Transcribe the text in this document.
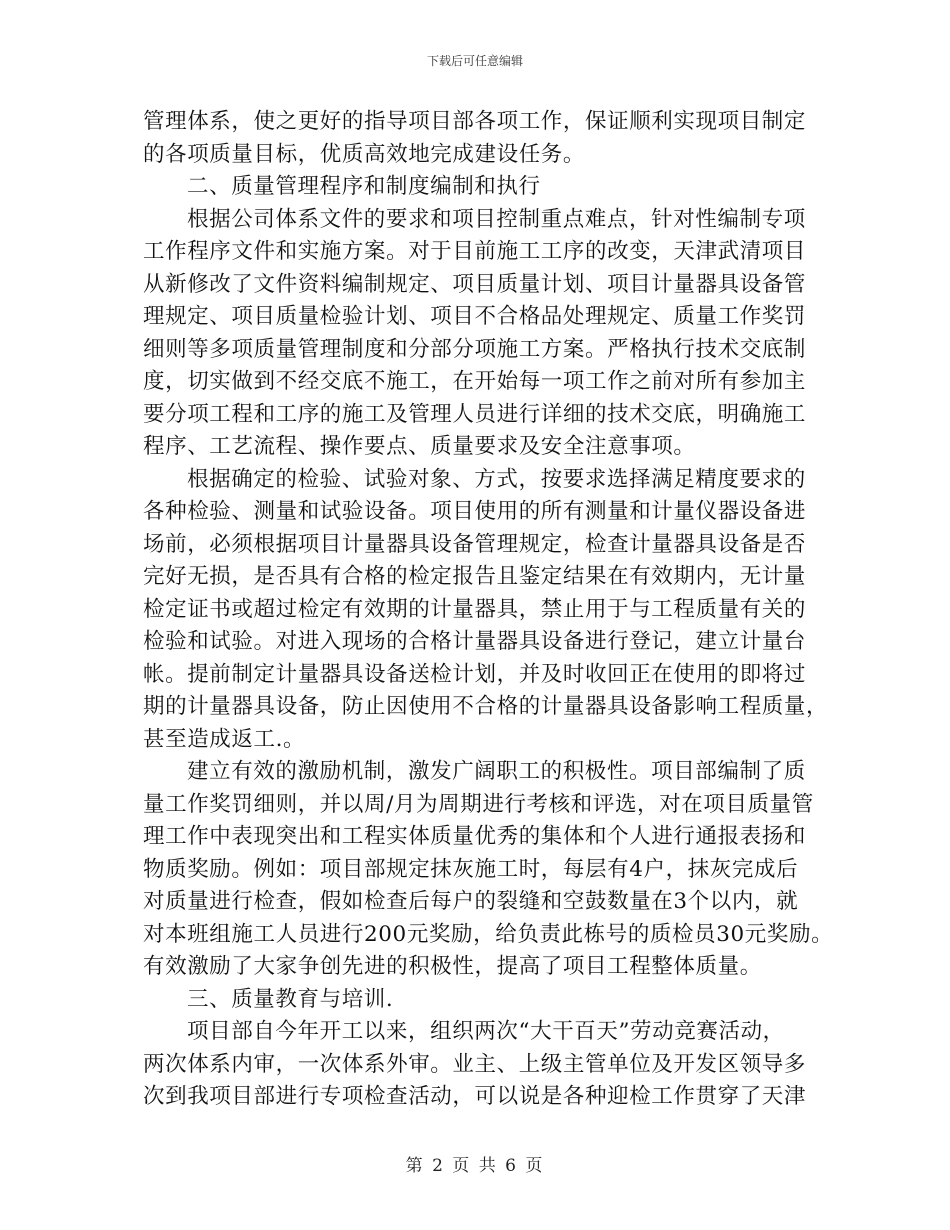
下载后可任意编辑
管理体系，使之更好的指导项目部各项工作，保证顺利实现项目制定
的各项质量目标，优质高效地完成建设任务。
二、质量管理程序和制度编制和执行
根据公司体系文件的要求和项目控制重点难点，针对性编制专项
工作程序文件和实施方案。对于目前施工工序的改变，天津武清项目
从新修改了文件资料编制规定、项目质量计划、项目计量器具设备管
理规定、项目质量检验计划、项目不合格品处理规定、质量工作奖罚
细则等多项质量管理制度和分部分项施工方案。严格执行技术交底制
度，切实做到不经交底不施工，在开始每一项工作之前对所有参加主
要分项工程和工序的施工及管理人员进行详细的技术交底，明确施工
程序、工艺流程、操作要点、质量要求及安全注意事项。
根据确定的检验、试验对象、方式，按要求选择满足精度要求的
各种检验、测量和试验设备。项目使用的所有测量和计量仪器设备进
场前，必须根据项目计量器具设备管理规定，检查计量器具设备是否
完好无损，是否具有合格的检定报告且鉴定结果在有效期内，无计量
检定证书或超过检定有效期的计量器具，禁止用于与工程质量有关的
检验和试验。对进入现场的合格计量器具设备进行登记，建立计量台
帐。提前制定计量器具设备送检计划，并及时收回正在使用的即将过
期的计量器具设备，防止因使用不合格的计量器具设备影响工程质量，
甚至造成返工.。
建立有效的激励机制，激发广阔职工的积极性。项目部编制了质
量工作奖罚细则，并以周/月为周期进行考核和评选，对在项目质量管
理工作中表现突出和工程实体质量优秀的集体和个人进行通报表扬和
物质奖励。例如：项目部规定抹灰施工时，每层有4户，抹灰完成后
对质量进行检查，假如检查后每户的裂缝和空鼓数量在3个以内，就
对本班组施工人员进行200元奖励，给负责此栋号的质检员30元奖励。
有效激励了大家争创先进的积极性，提高了项目工程整体质量。
三、质量教育与培训.
项目部自今年开工以来，组织两次“大干百天”劳动竞赛活动，
两次体系内审，一次体系外审。业主、上级主管单位及开发区领导多
次到我项目部进行专项检查活动，可以说是各种迎检工作贯穿了天津
第 2 页 共 6 页
